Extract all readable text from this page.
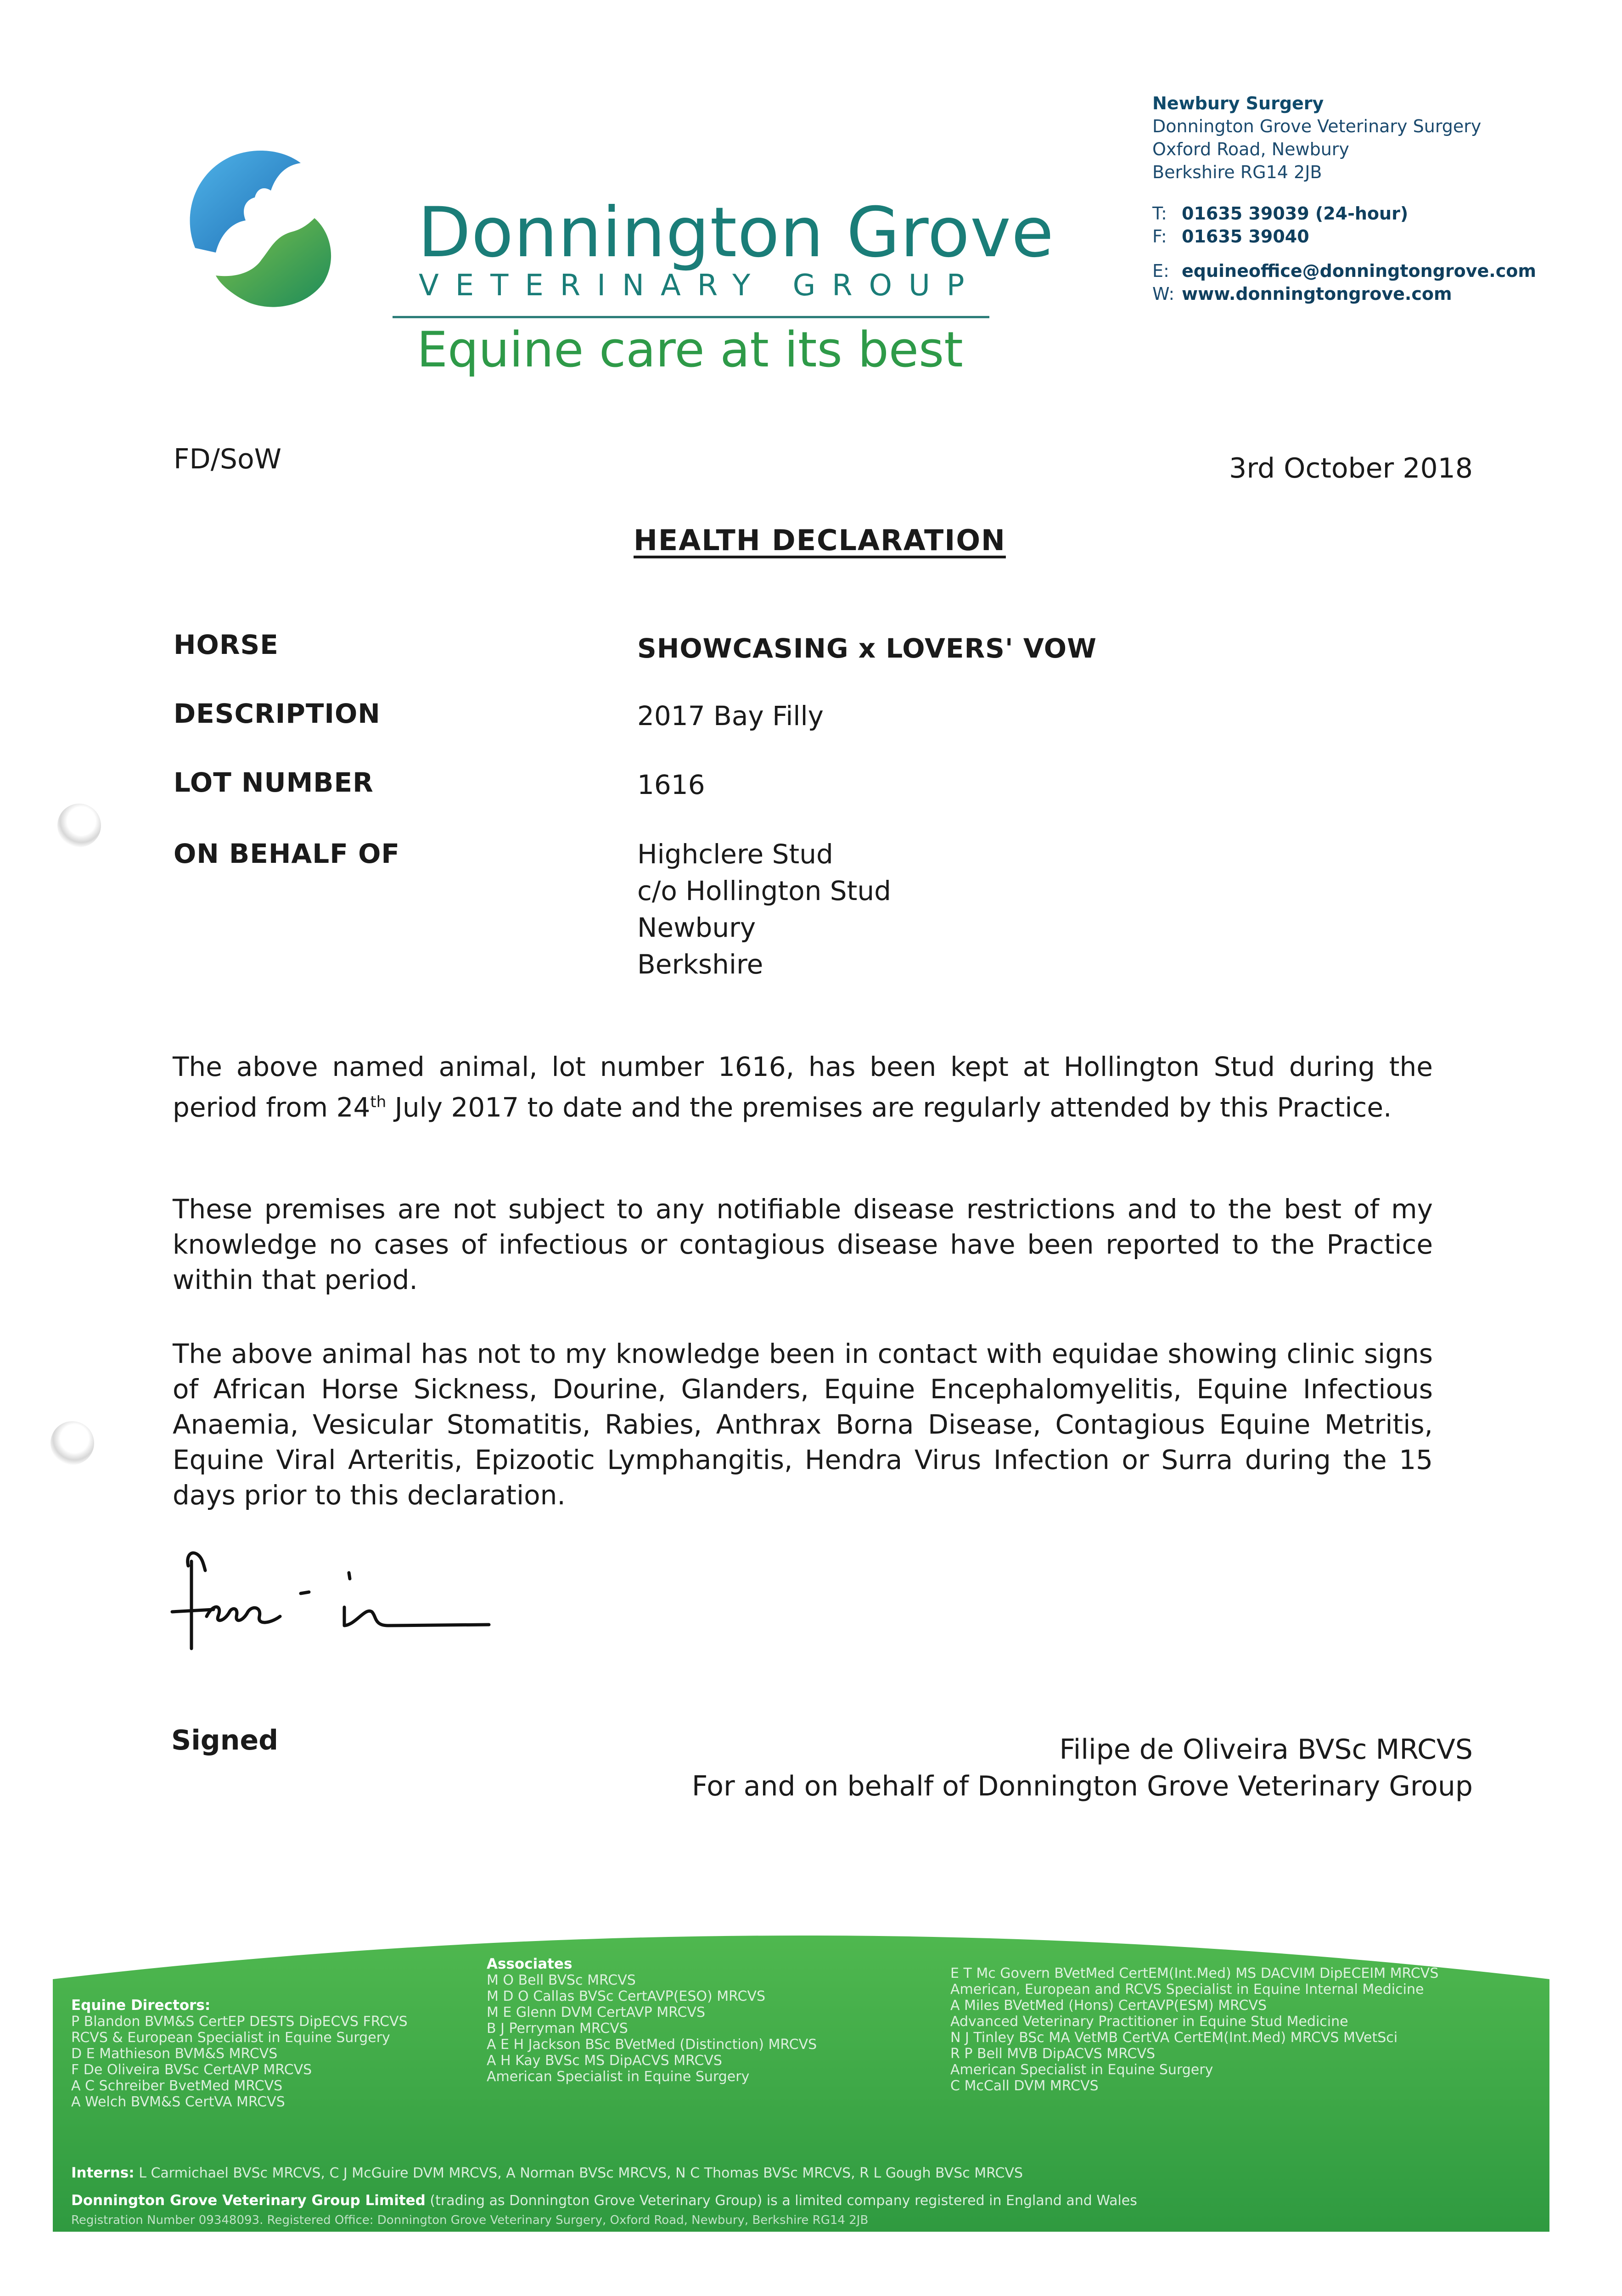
Donnington Grove
VETERINARY GROUP
Equine care at its best
Newbury Surgery
Donnington Grove Veterinary Surgery
Oxford Road, Newbury
Berkshire RG14 2JB
T: 01635 39039 (24-hour)
F: 01635 39040
E: equineoffice@donningtongrove.com
W: www.donningtongrove.com
FD/SoW	3rd October 2018
HEALTH DECLARATION
HORSE	SHOWCASING x LOVERS' VOW
DESCRIPTION	2017 Bay Filly
LOT NUMBER	1616
ON BEHALF OF	Highclere Stud
c/o Hollington Stud
Newbury
Berkshire
The above named animal, lot number 1616, has been kept at Hollington Stud during the period from 24th July 2017 to date and the premises are regularly attended by this Practice.
These premises are not subject to any notifiable disease restrictions and to the best of my knowledge no cases of infectious or contagious disease have been reported to the Practice within that period.
The above animal has not to my knowledge been in contact with equidae showing clinic signs of African Horse Sickness, Dourine, Glanders, Equine Encephalomyelitis, Equine Infectious Anaemia, Vesicular Stomatitis, Rabies, Anthrax Borna Disease, Contagious Equine Metritis, Equine Viral Arteritis, Epizootic Lymphangitis, Hendra Virus Infection or Surra during the 15 days prior to this declaration.
Signed	Filipe de Oliveira BVSc MRCVS
For and on behalf of Donnington Grove Veterinary Group
Equine Directors:
P Blandon BVM&S CertEP DESTS DipECVS FRCVS
RCVS & European Specialist in Equine Surgery
D E Mathieson BVM&S MRCVS
F De Oliveira BVSc CertAVP MRCVS
A C Schreiber BvetMed MRCVS
A Welch BVM&S CertVA MRCVS
Associates
M O Bell BVSc MRCVS
M D O Callas BVSc CertAVP(ESO) MRCVS
M E Glenn DVM CertAVP MRCVS
B J Perryman MRCVS
A E H Jackson BSc BVetMed (Distinction) MRCVS
A H Kay BVSc MS DipACVS MRCVS
American Specialist in Equine Surgery
E T Mc Govern BVetMed CertEM(Int.Med) MS DACVIM DipECEIM MRCVS
American, European and RCVS Specialist in Equine Internal Medicine
A Miles BVetMed (Hons) CertAVP(ESM) MRCVS
Advanced Veterinary Practitioner in Equine Stud Medicine
N J Tinley BSc MA VetMB CertVA CertEM(Int.Med) MRCVS MVetSci
R P Bell MVB DipACVS MRCVS
American Specialist in Equine Surgery
C McCall DVM MRCVS
Interns: L Carmichael BVSc MRCVS, C J McGuire DVM MRCVS, A Norman BVSc MRCVS, N C Thomas BVSc MRCVS, R L Gough BVSc MRCVS
Donnington Grove Veterinary Group Limited (trading as Donnington Grove Veterinary Group) is a limited company registered in England and Wales
Registration Number 09348093. Registered Office: Donnington Grove Veterinary Surgery, Oxford Road, Newbury, Berkshire RG14 2JB
